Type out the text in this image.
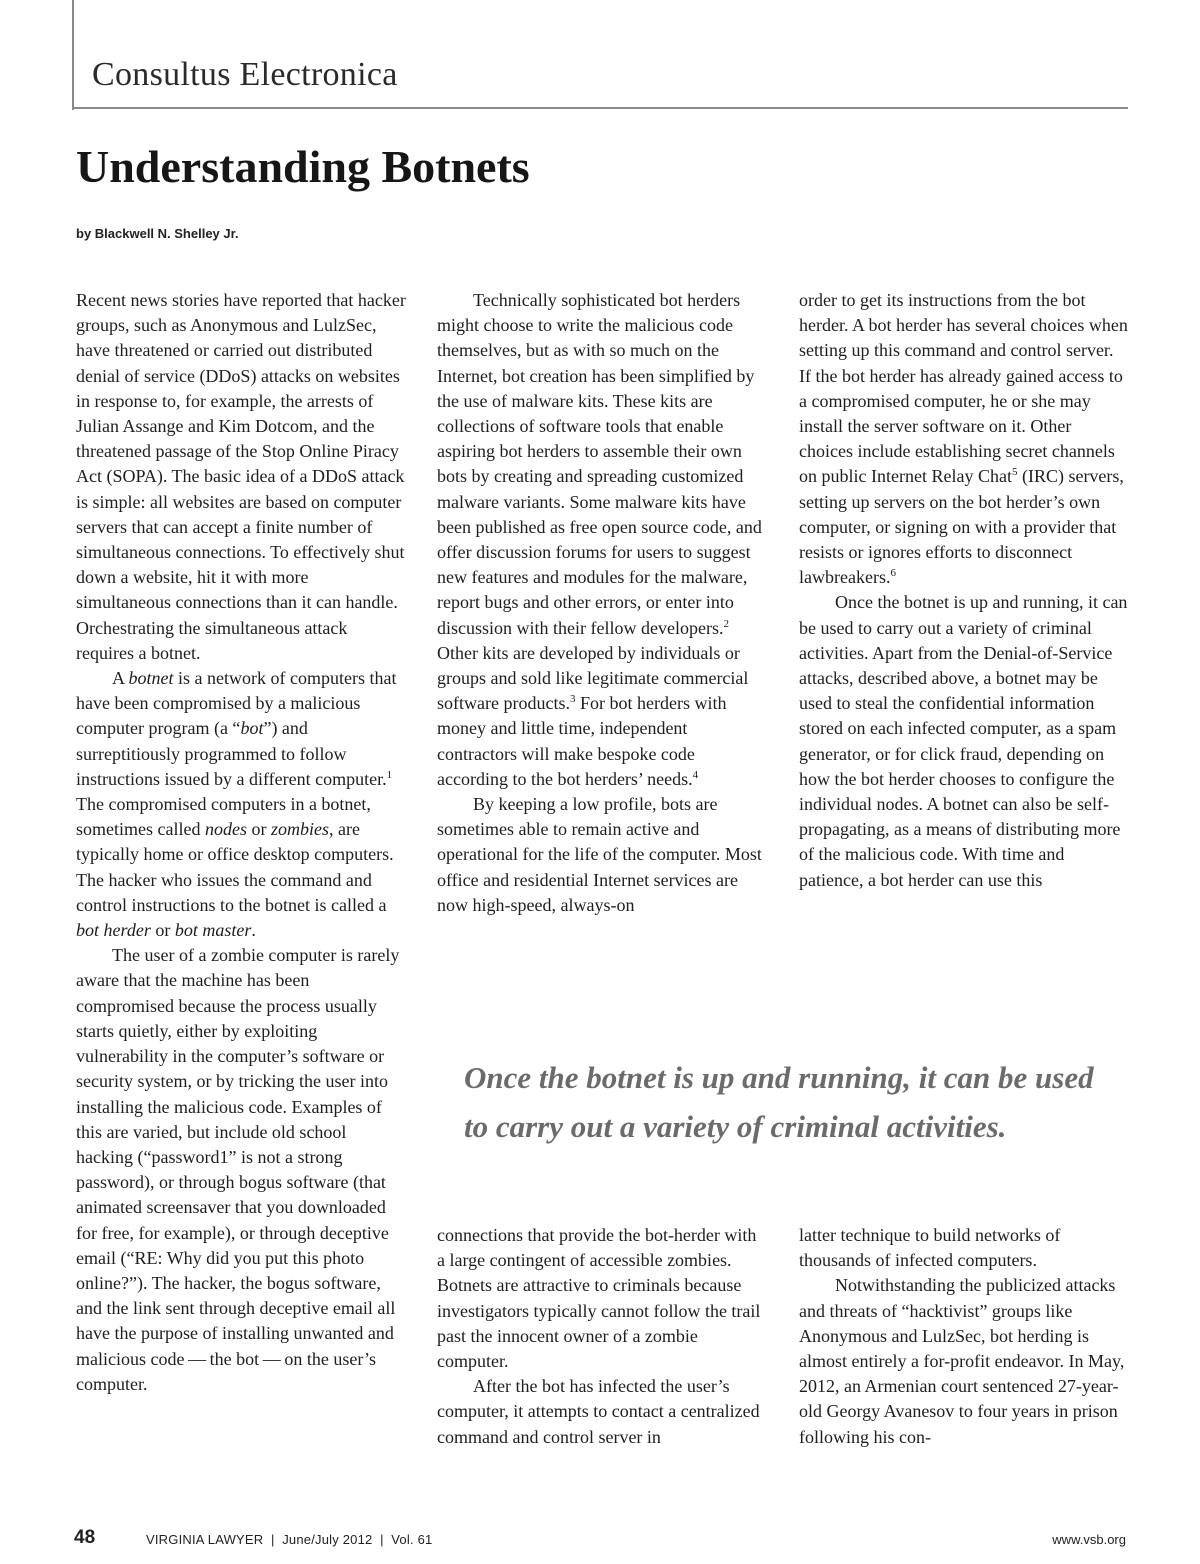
Consultus Electronica
Understanding Botnets
by Blackwell N. Shelley Jr.

Recent news stories have reported that hacker groups, such as Anonymous and LulzSec, have threatened or carried out distributed denial of service (DDoS) attacks on websites in response to, for example, the arrests of Julian Assange and Kim Dotcom, and the threatened passage of the Stop Online Piracy Act (SOPA). The basic idea of a DDoS attack is simple: all websites are based on computer servers that can accept a finite number of simultaneous connections. To effectively shut down a website, hit it with more simultaneous connections than it can handle. Orchestrating the simultaneous attack requires a botnet.

A botnet is a network of computers that have been compromised by a malicious computer program (a “bot”) and surreptitiously programmed to follow instructions issued by a different computer.$^1$ The compromised computers in a botnet, sometimes called nodes or zombies, are typically home or office desktop computers. The hacker who issues the command and control instructions to the botnet is called a bot herder or bot master.

The user of a zombie computer is rarely aware that the machine has been compromised because the process usually starts quietly, either by exploiting vulnerability in the computer’s software or security system, or by tricking the user into installing the malicious code. Examples of this are varied, but include old school hacking (“password1” is not a strong password), or through bogus software (that animated screensaver that you downloaded for free, for example), or through deceptive email (“RE: Why did you put this photo online?”). The hacker, the bogus software, and the link sent through deceptive email all have the purpose of installing unwanted and malicious code — the bot — on the user’s computer.

Technically sophisticated bot herders might choose to write the malicious code themselves, but as with so much on the Internet, bot creation has been simplified by the use of malware kits. These kits are collections of software tools that enable aspiring bot herders to assemble their own bots by creating and spreading customized malware variants. Some malware kits have been published as free open source code, and offer discussion forums for users to suggest new features and modules for the malware, report bugs and other errors, or enter into discussion with their fellow developers.$^2$ Other kits are developed by individuals or groups and sold like legitimate commercial software products.$^3$ For bot herders with money and little time, independent contractors will make bespoke code according to the bot herders’ needs.$^4$

By keeping a low profile, bots are sometimes able to remain active and operational for the life of the computer. Most office and residential Internet services are now high-speed, always-on

order to get its instructions from the bot herder. A bot herder has several choices when setting up this command and control server. If the bot herder has already gained access to a compromised computer, he or she may install the server software on it. Other choices include establishing secret channels on public Internet Relay Chat$^5$ (IRC) servers, setting up servers on the bot herder’s own computer, or signing on with a provider that resists or ignores efforts to disconnect lawbreakers.$^6$

Once the botnet is up and running, it can be used to carry out a variety of criminal activities. Apart from the Denial-of-Service attacks, described above, a botnet may be used to steal the confidential information stored on each infected computer, as a spam generator, or for click fraud, depending on how the bot herder chooses to configure the individual nodes. A botnet can also be self-propagating, as a means of distributing more of the malicious code. With time and patience, a bot herder can use this

Once the botnet is up and running, it can be used
to carry out a variety of criminal activities.

connections that provide the bot-herder with a large contingent of accessible zombies. Botnets are attractive to criminals because investigators typically cannot follow the trail past the innocent owner of a zombie computer.

After the bot has infected the user’s computer, it attempts to contact a centralized command and control server in

latter technique to build networks of thousands of infected computers.

Notwithstanding the publicized attacks and threats of “hacktivist” groups like Anonymous and LulzSec, bot herding is almost entirely a for-profit endeavor. In May, 2012, an Armenian court sentenced 27-year-old Georgy Avanesov to four years in prison following his con-

48	VIRGINIA LAWYER  |  June/July 2012  |  Vol. 61	www.vsb.org
